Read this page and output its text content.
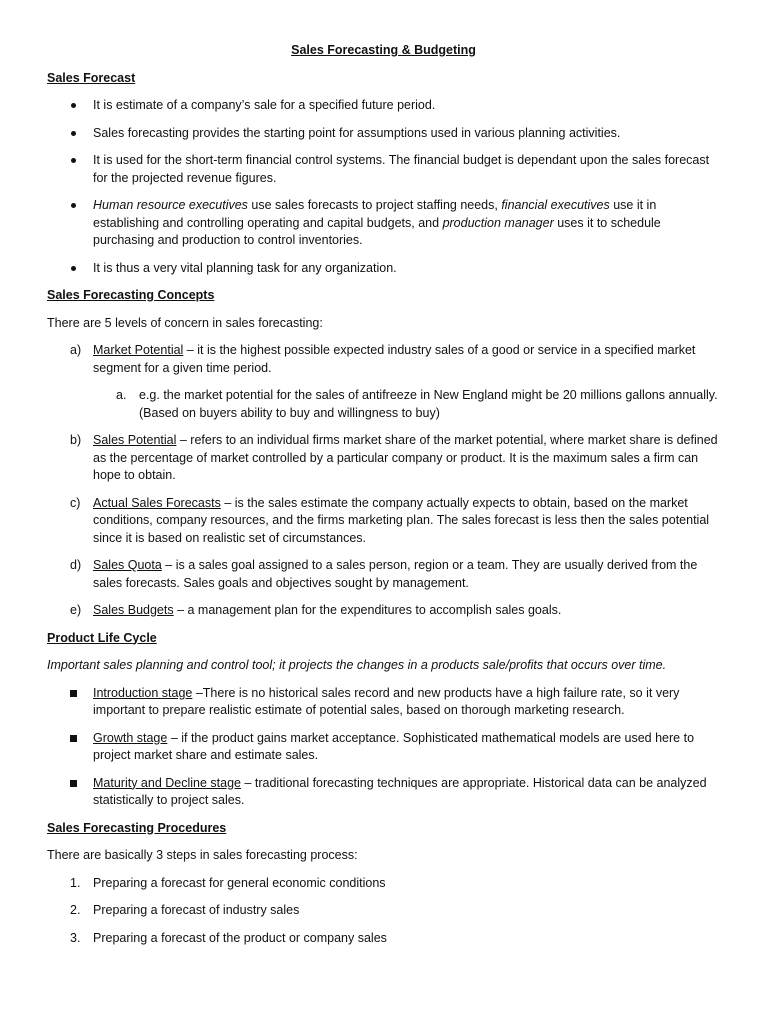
Sales Forecasting & Budgeting
Sales Forecast
It is estimate of a company’s sale for a specified future period.
Sales forecasting provides the starting point for assumptions used in various planning activities.
It is used for the short-term financial control systems. The financial budget is dependant upon the sales forecast for the projected revenue figures.
Human resource executives use sales forecasts to project staffing needs, financial executives use it in establishing and controlling operating and capital budgets, and production manager uses it to schedule purchasing and production to control inventories.
It is thus a very vital planning task for any organization.
Sales Forecasting Concepts

There are 5 levels of concern in sales forecasting:

a) Market Potential – it is the highest possible expected industry sales of a good or service in a specified market segment for a given time period.
a. e.g. the market potential for the sales of antifreeze in New England might be 20 millions gallons annually. (Based on buyers ability to buy and willingness to buy)
b) Sales Potential – refers to an individual firms market share of the market potential, where market share is defined as the percentage of market controlled by a particular company or product. It is the maximum sales a firm can hope to obtain.
c) Actual Sales Forecasts – is the sales estimate the company actually expects to obtain, based on the market conditions, company resources, and the firms marketing plan. The sales forecast is less then the sales potential since it is based on realistic set of circumstances.
d) Sales Quota – is a sales goal assigned to a sales person, region or a team. They are usually derived from the sales forecasts. Sales goals and objectives sought by management.
e) Sales Budgets – a management plan for the expenditures to accomplish sales goals.
Product Life Cycle

Important sales planning and control tool; it projects the changes in a products sale/profits that occurs over time.

Introduction stage –There is no historical sales record and new products have a high failure rate, so it very important to prepare realistic estimate of potential sales, based on thorough marketing research.
Growth stage – if the product gains market acceptance. Sophisticated mathematical models are used here to project market share and estimate sales.
Maturity and Decline stage – traditional forecasting techniques are appropriate. Historical data can be analyzed statistically to project sales.
Sales Forecasting Procedures

There are basically 3 steps in sales forecasting process:

1. Preparing a forecast for general economic conditions
2. Preparing a forecast of industry sales
3. Preparing a forecast of the product or company sales
